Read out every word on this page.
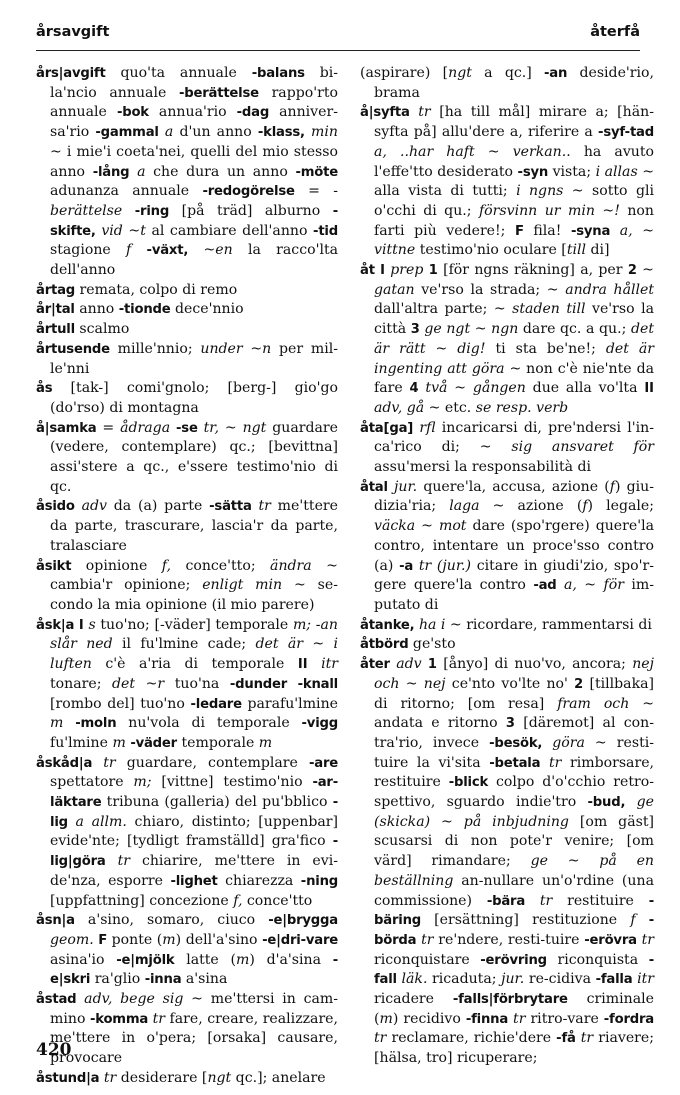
årsavgift	återfå

års|avgift quo'ta annuale -balans bi-la'ncio annuale -berättelse rappo'rto annuale -bok annua'rio -dag anniver-sa'rio -gammal a d'un anno -klass, min ~ i mie'i coeta'nei, quelli del mio stesso anno -lång a che dura un anno -möte adunanza annuale -redogörelse = -berättelse -ring [på träd] alburno -skifte, vid ~t al cambiare dell'anno -tid stagione f -växt, ~en la racco'lta dell'anno

årtag remata, colpo di remo

år|tal anno -tionde dece'nnio

årtull scalmo

årtusende mille'nnio; under ~n per mil-le'nni

ås [tak-] comi'gnolo; [berg-] gio'go (do'rso) di montagna

å|samka = ådraga -se tr, ~ ngt guardare (vedere, contemplare) qc.; [bevittna] assi'stere a qc., e'ssere testimo'nio di qc.

åsido adv da (a) parte -sätta tr me'ttere da parte, trascurare, lascia'r da parte, tralasciare

åsikt opinione f, conce'tto; ändra ~ cambia'r opinione; enligt min ~ se-condo la mia opinione (il mio parere)

åsk|a I s tuo'no; [-väder] temporale m; -an slår ned il fu'lmine cade; det är ~ i luften c'è a'ria di temporale II itr tonare; det ~r tuo'na -dunder -knall [rombo del] tuo'no -ledare parafu'lmine m -moln nu'vola di temporale -vigg fu'lmine m -väder temporale m

åskåd|a tr guardare, contemplare -are spettatore m; [vittne] testimo'nio -ar-läktare tribuna (galleria) del pu'bblico -lig a allm. chiaro, distinto; [uppenbar] evide'nte; [tydligt framställd] gra'fico -lig|göra tr chiarire, me'ttere in evi-de'nza, esporre -lighet chiarezza -ning [uppfattning] concezione f, conce'tto

åsn|a a'sino, somaro, ciuco -e|brygga geom. F ponte (m) dell'a'sino -e|dri-vare asina'io -e|mjölk latte (m) d'a'sina -e|skri ra'glio -inna a'sina

åstad adv, bege sig ~ me'ttersi in cam-mino -komma tr fare, creare, realizzare, me'ttere in o'pera; [orsaka] causare, provocare

åstund|a tr desiderare [ngt qc.]; anelare

(aspirare) [ngt a qc.] -an deside'rio, brama

å|syfta tr [ha till mål] mirare a; [hän-syfta på] allu'dere a, riferire a -syf-tad a, ..har haft ~ verkan.. ha avuto l'effe'tto desiderato -syn vista; i allas ~ alla vista di tutti; i ngns ~ sotto gli o'cchi di qu.; försvinn ur min ~! non farti più vedere!; F fila! -syna a, ~ vittne testimo'nio oculare [till di]

åt I prep 1 [för ngns räkning] a, per 2 ~ gatan ve'rso la strada; ~ andra hållet dall'altra parte; ~ staden till ve'rso la città 3 ge ngt ~ ngn dare qc. a qu.; det är rätt ~ dig! ti sta be'ne!; det är ingenting att göra ~ non c'è nie'nte da fare 4 två ~ gången due alla vo'lta II adv, gå ~ etc. se resp. verb

åta[ga] rfl incaricarsi di, pre'ndersi l'in-ca'rico di; ~ sig ansvaret för assu'mersi la responsabilità di

åtal jur. quere'la, accusa, azione (f) giu-dizia'ria; laga ~ azione (f) legale; väcka ~ mot dare (spo'rgere) quere'la contro, intentare un proce'sso contro (a) -a tr (jur.) citare in giudi'zio, spo'r-gere quere'la contro -ad a, ~ för im-putato di

åtanke, ha i ~ ricordare, rammentarsi di

åtbörd ge'sto

åter adv 1 [ånyo] di nuo'vo, ancora; nej och ~ nej ce'nto vo'lte no' 2 [tillbaka] di ritorno; [om resa] fram och ~ andata e ritorno 3 [däremot] al con-tra'rio, invece -besök, göra ~ resti-tuire la vi'sita -betala tr rimborsare, restituire -blick colpo d'o'cchio retro-spettivo, sguardo indie'tro -bud, ge (skicka) ~ på inbjudning [om gäst] scusarsi di non pote'r venire; [om värd] rimandare; ge ~ på en beställning an-nullare un'o'rdine (una commissione) -bära tr restituire -bäring [ersättning] restituzione f -börda tr re'ndere, resti-tuire -erövra tr riconquistare -erövring riconquista -fall läk. ricaduta; jur. re-cidiva -falla itr ricadere -falls|förbrytare criminale (m) recidivo -finna tr ritro-vare -fordra tr reclamare, richie'dere -få tr riavere; [hälsa, tro] ricuperare;

420
